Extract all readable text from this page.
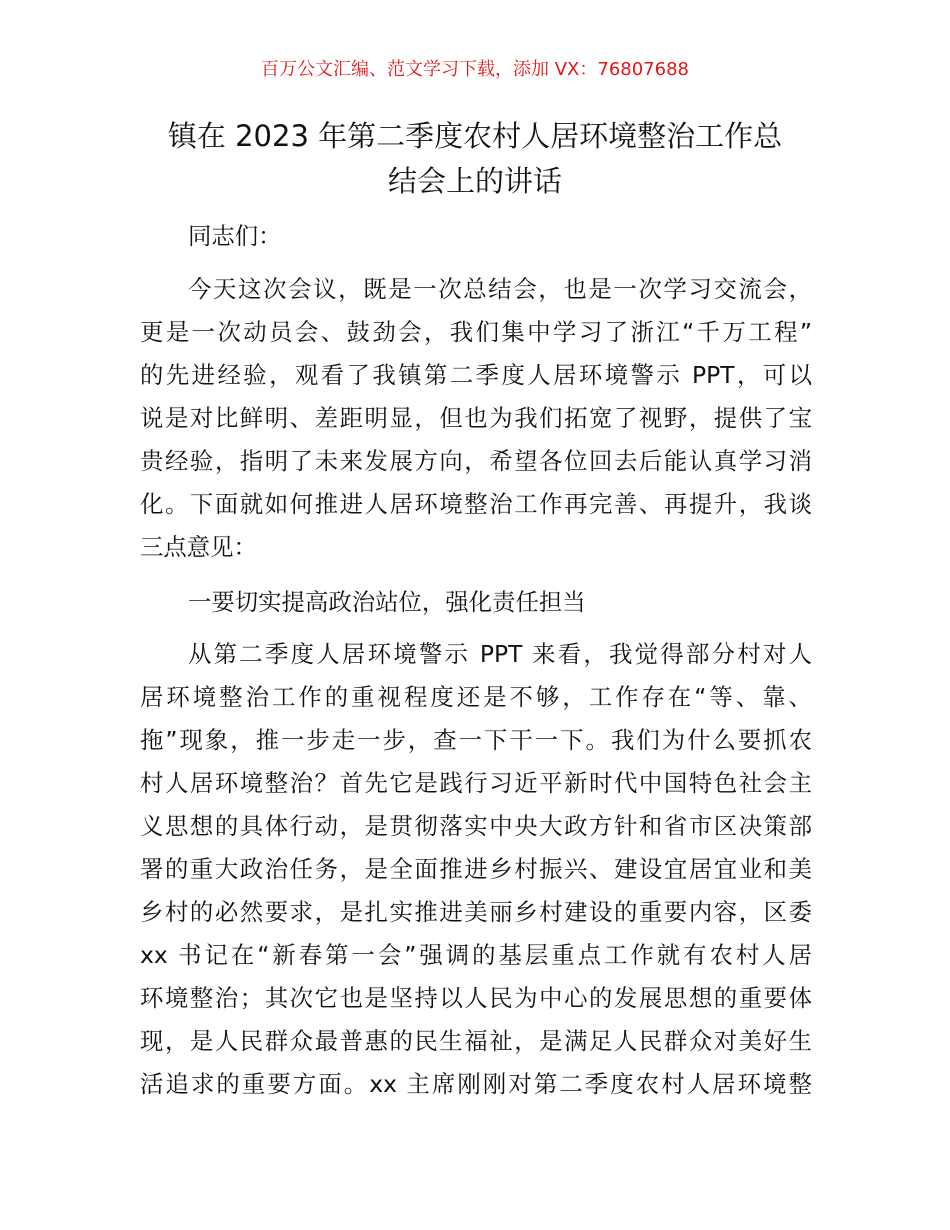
百万公文汇编、范文学习下载，添加 VX：76807688
镇在 2023 年第二季度农村人居环境整治工作总
结会上的讲话
同志们：
今天这次会议，既是一次总结会，也是一次学习交流会，
更是一次动员会、鼓劲会，我们集中学习了浙江“千万工程”
的先进经验，观看了我镇第二季度人居环境警示 PPT，可以
说是对比鲜明、差距明显，但也为我们拓宽了视野，提供了宝
贵经验，指明了未来发展方向，希望各位回去后能认真学习消
化。下面就如何推进人居环境整治工作再完善、再提升，我谈
三点意见：
一要切实提高政治站位，强化责任担当
从第二季度人居环境警示 PPT 来看，我觉得部分村对人
居环境整治工作的重视程度还是不够，工作存在“等、靠、
拖”现象，推一步走一步，查一下干一下。我们为什么要抓农
村人居环境整治？首先它是践行习近平新时代中国特色社会主
义思想的具体行动，是贯彻落实中央大政方针和省市区决策部
署的重大政治任务，是全面推进乡村振兴、建设宜居宜业和美
乡村的必然要求，是扎实推进美丽乡村建设的重要内容，区委
xx 书记在“新春第一会”强调的基层重点工作就有农村人居
环境整治；其次它也是坚持以人民为中心的发展思想的重要体
现，是人民群众最普惠的民生福祉，是满足人民群众对美好生
活追求的重要方面。xx 主席刚刚对第二季度农村人居环境整
